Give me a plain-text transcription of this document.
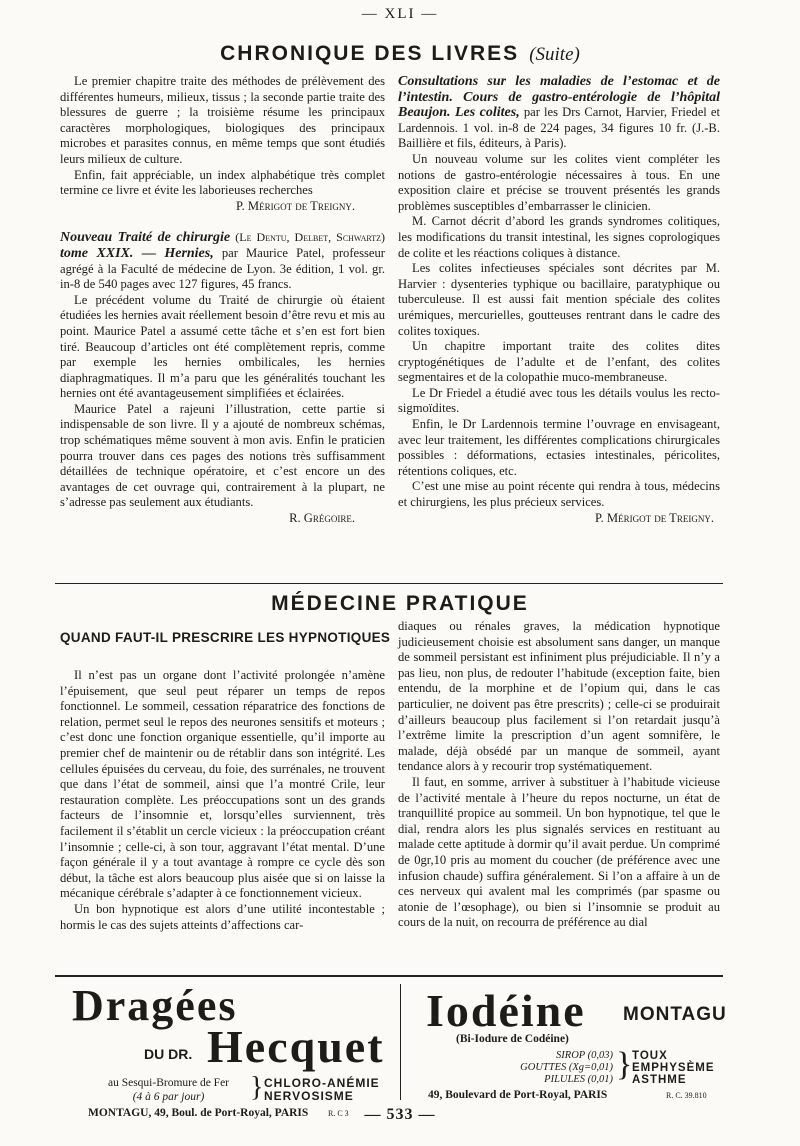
— XLI —
CHRONIQUE DES LIVRES (Suite)

Le premier chapitre traite des méthodes de prélèvement des différentes humeurs, milieux, tissus ; la seconde partie traite des blessures de guerre ; la troisième résume les principaux caractères morphologiques, biologiques des principaux microbes et parasites connus, en même temps que sont étudiés leurs milieux de culture.

Enfin, fait appréciable, un index alphabétique très complet termine ce livre et évite les laborieuses recherches

P. Mérigot de Treigny.

Nouveau Traité de chirurgie (Le Dentu, Delbet, Schwartz) tome XXIX. — Hernies, par Maurice Patel, professeur agrégé à la Faculté de médecine de Lyon. 3e édition, 1 vol. gr. in-8 de 540 pages avec 127 figures, 45 francs.

Le précédent volume du Traité de chirurgie où étaient étudiées les hernies avait réellement besoin d’être revu et mis au point. Maurice Patel a assumé cette tâche et s’en est fort bien tiré. Beaucoup d’articles ont été complètement repris, comme par exemple les hernies ombilicales, les hernies diaphragmatiques. Il m’a paru que les généralités touchant les hernies ont été avantageusement simplifiées et éclairées.

Maurice Patel a rajeuni l’illustration, cette partie si indispensable de son livre. Il y a ajouté de nombreux schémas, trop schématiques même souvent à mon avis. Enfin le praticien pourra trouver dans ces pages des notions très suffisamment détaillées de technique opératoire, et c’est encore un des avantages de cet ouvrage qui, contrairement à la plupart, ne s’adresse pas seulement aux étudiants.

R. Grégoire.

Consultations sur les maladies de l’estomac et de l’intestin. Cours de gastro-entérologie de l’hôpital Beaujon. Les colites, par les Drs Carnot, Harvier, Friedel et Lardennois. 1 vol. in-8 de 224 pages, 34 figures 10 fr. (J.-B. Baillière et fils, éditeurs, à Paris).

Un nouveau volume sur les colites vient compléter les notions de gastro-entérologie nécessaires à tous. En une exposition claire et précise se trouvent présentés les grands problèmes susceptibles d’embarrasser le clinicien.

M. Carnot décrit d’abord les grands syndromes colitiques, les modifications du transit intestinal, les signes coprologiques de colite et les réactions coliques à distance.

Les colites infectieuses spéciales sont décrites par M. Harvier : dysenteries typhique ou bacillaire, paratyphique ou tuberculeuse. Il est aussi fait mention spéciale des colites urémiques, mercurielles, goutteuses rentrant dans le cadre des colites toxiques.

Un chapitre important traite des colites dites cryptogénétiques de l’adulte et de l’enfant, des colites segmentaires et de la colopathie muco-membraneuse.

Le Dr Friedel a étudié avec tous les détails voulus les recto-sigmoïdites.

Enfin, le Dr Lardennois termine l’ouvrage en envisageant, avec leur traitement, les différentes complications chirurgicales possibles : déformations, ectasies intestinales, péricolites, rétentions coliques, etc.

C’est une mise au point récente qui rendra à tous, médecins et chirurgiens, les plus précieux services.

P. Mérigot de Treigny.

MÉDECINE PRATIQUE
QUAND FAUT-IL PRESCRIRE LES HYPNOTIQUES

Il n’est pas un organe dont l’activité prolongée n’amène l’épuisement, que seul peut réparer un temps de repos fonctionnel. Le sommeil, cessation réparatrice des fonctions de relation, permet seul le repos des neurones sensitifs et moteurs ; c’est donc une fonction organique essentielle, qu’il importe au premier chef de maintenir ou de rétablir dans son intégrité. Les cellules épuisées du cerveau, du foie, des surrénales, ne trouvent que dans l’état de sommeil, ainsi que l’a montré Crile, leur restauration complète. Les préoccupations sont un des grands facteurs de l’insomnie et, lorsqu’elles surviennent, très facilement il s’établit un cercle vicieux : la préoccupation créant l’insomnie ; celle-ci, à son tour, aggravant l’état mental. D’une façon générale il y a tout avantage à rompre ce cycle dès son début, la tâche est alors beaucoup plus aisée que si on laisse la mécanique cérébrale s’adapter à ce fonctionnement vicieux.

Un bon hypnotique est alors d’une utilité incontestable ; hormis le cas des sujets atteints d’affections car-

diaques ou rénales graves, la médication hypnotique judicieusement choisie est absolument sans danger, un manque de sommeil persistant est infiniment plus préjudiciable. Il n’y a pas lieu, non plus, de redouter l’habitude (exception faite, bien entendu, de la morphine et de l’opium qui, dans le cas particulier, ne doivent pas être prescrits) ; celle-ci se produirait d’ailleurs beaucoup plus facilement si l’on retardait jusqu’à l’extrême limite la prescription d’un agent somnifère, le malade, déjà obsédé par un manque de sommeil, ayant tendance alors à y recourir trop systématiquement.

Il faut, en somme, arriver à substituer à l’habitude vicieuse de l’activité mentale à l’heure du repos nocturne, un état de tranquillité propice au sommeil. Un bon hypnotique, tel que le dial, rendra alors les plus signalés services en restituant au malade cette aptitude à dormir qu’il avait perdue. Un comprimé de 0gr,10 pris au moment du coucher (de préférence avec une infusion chaude) suffira généralement. Si l’on a affaire à un de ces nerveux qui avalent mal les comprimés (par spasme ou atonie de l’œsophage), ou bien si l’insomnie se produit au cours de la nuit, on recourra de préférence au dial

Dragées
DU DR. Hecquet
au Sesqui-Bromure de Fer
(4 à 6 par jour)	} CHLORO-ANÉMIE
NERVOSISME
MONTAGU, 49, Boul. de Port-Royal, PARIS R. C 3
Iodéine MONTAGU
(Bi-Iodure de Codéine)
SIROP (0,03)
GOUTTES (Xg=0,01)
PILULES (0,01) } TOUX
EMPHYSÈME
ASTHME
49, Boulevard de Port-Royal, PARIS	R. C. 39.810
— 533 —
